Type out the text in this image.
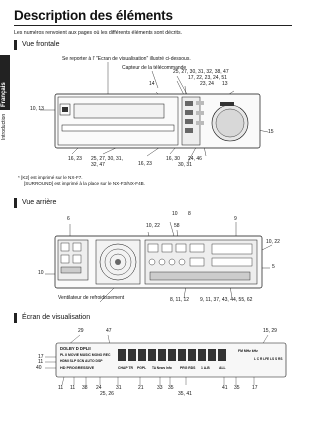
Français
Introduction
Description des éléments
Les numéros renvoient aux pages où les différents éléments sont décrits.
Vue frontale
Se reporter à l' "Ecran de visualisation" illustré ci-dessous.
Capteur de la télécommande
25, 27, 30, 31, 32, 38, 47
17, 22, 23, 24, 51
23, 24 13
14
10, 13
15
16, 23 25, 27, 30, 31,
32, 47
16, 30 24, 46
16, 23	30, 31
* [K2] est imprimé sur le NX-F7.
[SURROUND] est imprimé à la place sur le NX-F3/NX-F4B.
Vue arrière
6
10 8
10, 22	58
9
10, 22
5
10
Ventilateur de refroidissement	8, 11, 12 9, 11, 37, 43, 44, 55, 62
Écran de visualisation
29	47	15, 29
17
11
40
DOLBY D DPLII
PL II MOVIE MUSIC MONO REC
HDMI SLP SCN AUTO DSP
HD PROGRESSIVE	CHAP TR PGPL TA News Info PRG RDS 1 A-B	ALL
FM MHz kHz
L C R LFE LS S RS
11 11 38 24	31	21	33 35	41 35 17
25, 26	35, 41
